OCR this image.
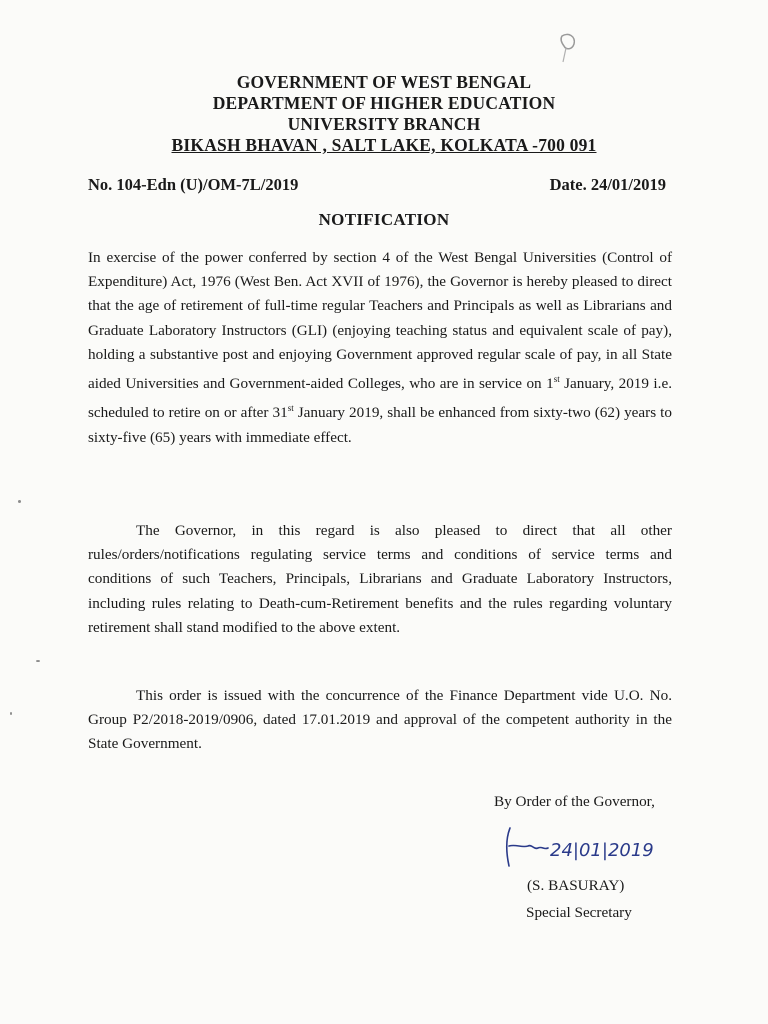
GOVERNMENT OF WEST BENGAL
DEPARTMENT OF HIGHER EDUCATION
UNIVERSITY BRANCH
BIKASH BHAVAN , SALT LAKE, KOLKATA -700 091
No. 104-Edn (U)/OM-7L/2019	Date. 24/01/2019
NOTIFICATION
In exercise of the power conferred by section 4 of the West Bengal Universities (Control of Expenditure) Act, 1976 (West Ben. Act XVII of 1976), the Governor is hereby pleased to direct that the age of retirement of full-time regular Teachers and Principals as well as Librarians and Graduate Laboratory Instructors (GLI) (enjoying teaching status and equivalent scale of pay), holding a substantive post and enjoying Government approved regular scale of pay, in all State aided Universities and Government-aided Colleges, who are in service on 1st January, 2019 i.e. scheduled to retire on or after 31st January 2019, shall be enhanced from sixty-two (62) years to sixty-five (65) years with immediate effect.
The Governor, in this regard is also pleased to direct that all other rules/orders/notifications regulating service terms and conditions of service terms and conditions of such Teachers, Principals, Librarians and Graduate Laboratory Instructors, including rules relating to Death-cum-Retirement benefits and the rules regarding voluntary retirement shall stand modified to the above extent.
This order is issued with the concurrence of the Finance Department vide U.O. No. Group P2/2018-2019/0906, dated 17.01.2019 and approval of the competent authority in the State Government.
By Order of the Governor,
24|01|2019
(S. BASURAY)
Special Secretary
